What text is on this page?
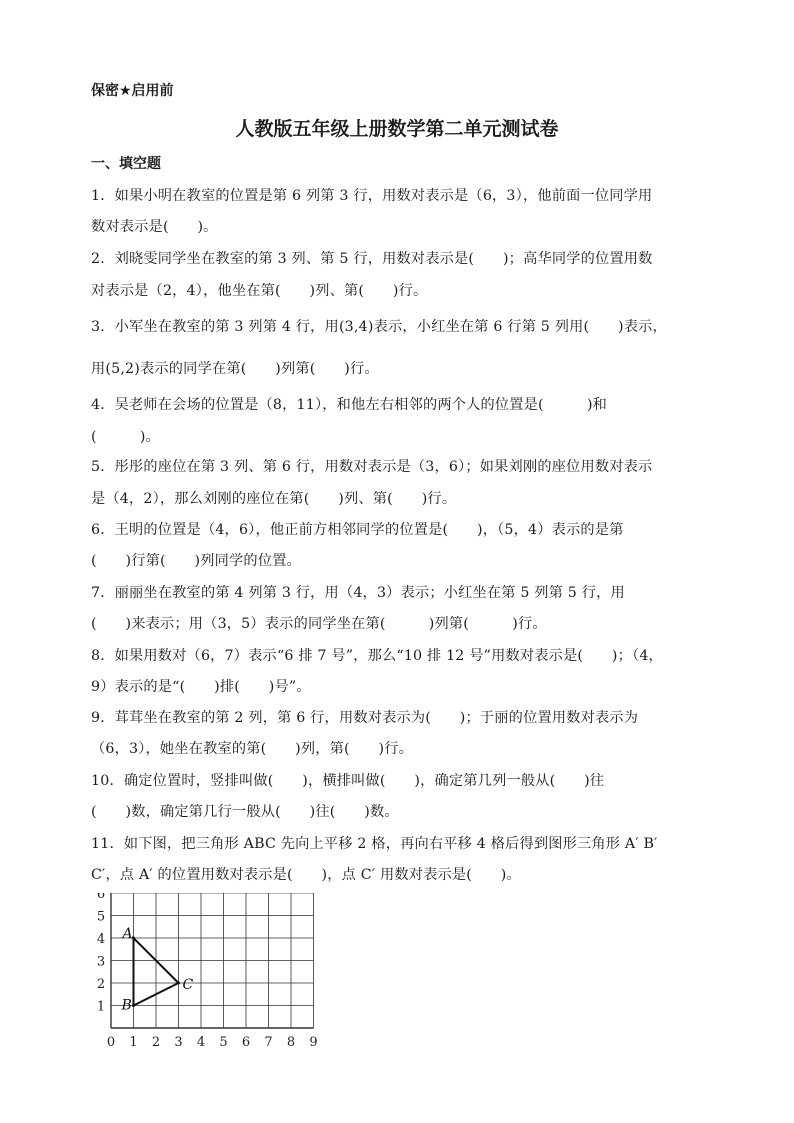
保密★启用前
人教版五年级上册数学第二单元测试卷
一、填空题
1．如果小明在教室的位置是第 6 列第 3 行，用数对表示是（6，3），他前面一位同学用
数对表示是(　　)。
2．刘晓雯同学坐在教室的第 3 列、第 5 行，用数对表示是(　　)；高华同学的位置用数
对表示是（2，4），他坐在第(　　)列、第(　　)行。
3．小军坐在教室的第 3 列第 4 行，用(3,4)表示，小红坐在第 6 行第 5 列用(　　)表示，
用(5,2)表示的同学在第(　　)列第(　　)行。
4．吴老师在会场的位置是（8，11），和他左右相邻的两个人的位置是(　　　)和
(　　　)。
5．彤彤的座位在第 3 列、第 6 行，用数对表示是（3，6）；如果刘刚的座位用数对表示
是（4，2），那么刘刚的座位在第(　　)列、第(　　)行。
6．王明的位置是（4，6），他正前方相邻同学的位置是(　　)，（5，4）表示的是第
(　　)行第(　　)列同学的位置。
7．丽丽坐在教室的第 4 列第 3 行，用（4，3）表示；小红坐在第 5 列第 5 行，用
(　　)来表示；用（3，5）表示的同学坐在第(　　　)列第(　　　)行。
8．如果用数对（6，7）表示“6 排 7 号”，那么“10 排 12 号”用数对表示是(　　)；（4，
9）表示的是“(　　)排(　　)号”。
9．茸茸坐在教室的第 2 列，第 6 行，用数对表示为(　　)；于丽的位置用数对表示为
（6，3），她坐在教室的第(　　)列，第(　　)行。
10．确定位置时，竖排叫做(　　)，横排叫做(　　)，确定第几列一般从(　　)往
(　　)数，确定第几行一般从(　　)往(　　)数。
11．如下图，把三角形 ABC 先向上平移 2 格，再向右平移 4 格后得到图形三角形 A′ B′
C′，点 A′ 的位置用数对表示是(　　)，点 C′ 用数对表示是(　　)。
0 1 2 3 4 5 6 7 8 9
1
2
3
4
5
6
A
B
C
